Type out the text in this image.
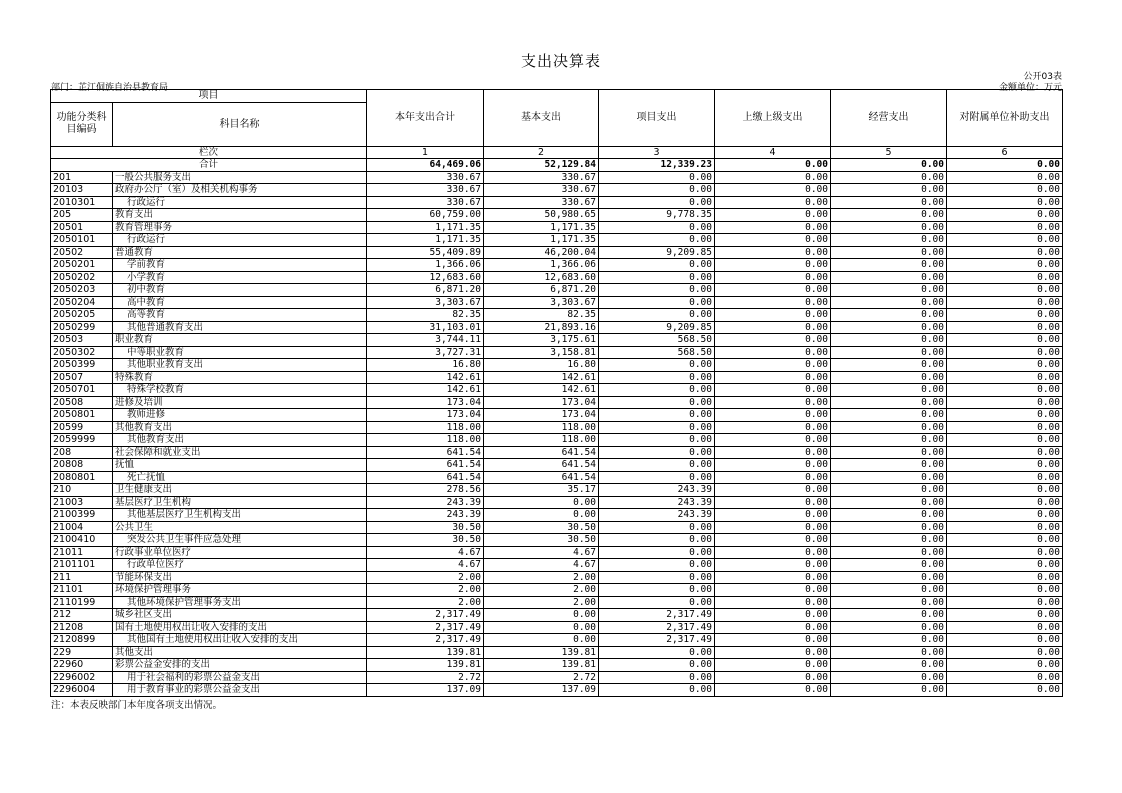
支出决算表
公开03表
部门：芷江侗族自治县教育局	金额单位：万元
项目		本年支出合计	基本支出	项目支出	上缴上级支出	经营支出	对附属单位补助支出
功能分类科目编码	科目名称						
栏次		1	2	3	4	5	6
合计		64,469.06	52,129.84	12,339.23	0.00	0.00	0.00
201	一般公共服务支出	330.67	330.67	0.00	0.00	0.00	0.00
20103	政府办公厅（室）及相关机构事务	330.67	330.67	0.00	0.00	0.00	0.00
2010301	行政运行	330.67	330.67	0.00	0.00	0.00	0.00
205	教育支出	60,759.00	50,980.65	9,778.35	0.00	0.00	0.00
20501	教育管理事务	1,171.35	1,171.35	0.00	0.00	0.00	0.00
2050101	行政运行	1,171.35	1,171.35	0.00	0.00	0.00	0.00
20502	普通教育	55,409.89	46,200.04	9,209.85	0.00	0.00	0.00
2050201	学前教育	1,366.06	1,366.06	0.00	0.00	0.00	0.00
2050202	小学教育	12,683.60	12,683.60	0.00	0.00	0.00	0.00
2050203	初中教育	6,871.20	6,871.20	0.00	0.00	0.00	0.00
2050204	高中教育	3,303.67	3,303.67	0.00	0.00	0.00	0.00
2050205	高等教育	82.35	82.35	0.00	0.00	0.00	0.00
2050299	其他普通教育支出	31,103.01	21,893.16	9,209.85	0.00	0.00	0.00
20503	职业教育	3,744.11	3,175.61	568.50	0.00	0.00	0.00
2050302	中等职业教育	3,727.31	3,158.81	568.50	0.00	0.00	0.00
2050399	其他职业教育支出	16.80	16.80	0.00	0.00	0.00	0.00
20507	特殊教育	142.61	142.61	0.00	0.00	0.00	0.00
2050701	特殊学校教育	142.61	142.61	0.00	0.00	0.00	0.00
20508	进修及培训	173.04	173.04	0.00	0.00	0.00	0.00
2050801	教师进修	173.04	173.04	0.00	0.00	0.00	0.00
20599	其他教育支出	118.00	118.00	0.00	0.00	0.00	0.00
2059999	其他教育支出	118.00	118.00	0.00	0.00	0.00	0.00
208	社会保障和就业支出	641.54	641.54	0.00	0.00	0.00	0.00
20808	抚恤	641.54	641.54	0.00	0.00	0.00	0.00
2080801	死亡抚恤	641.54	641.54	0.00	0.00	0.00	0.00
210	卫生健康支出	278.56	35.17	243.39	0.00	0.00	0.00
21003	基层医疗卫生机构	243.39	0.00	243.39	0.00	0.00	0.00
2100399	其他基层医疗卫生机构支出	243.39	0.00	243.39	0.00	0.00	0.00
21004	公共卫生	30.50	30.50	0.00	0.00	0.00	0.00
2100410	突发公共卫生事件应急处理	30.50	30.50	0.00	0.00	0.00	0.00
21011	行政事业单位医疗	4.67	4.67	0.00	0.00	0.00	0.00
2101101	行政单位医疗	4.67	4.67	0.00	0.00	0.00	0.00
211	节能环保支出	2.00	2.00	0.00	0.00	0.00	0.00
21101	环境保护管理事务	2.00	2.00	0.00	0.00	0.00	0.00
2110199	其他环境保护管理事务支出	2.00	2.00	0.00	0.00	0.00	0.00
212	城乡社区支出	2,317.49	0.00	2,317.49	0.00	0.00	0.00
21208	国有土地使用权出让收入安排的支出	2,317.49	0.00	2,317.49	0.00	0.00	0.00
2120899	其他国有土地使用权出让收入安排的支出	2,317.49	0.00	2,317.49	0.00	0.00	0.00
229	其他支出	139.81	139.81	0.00	0.00	0.00	0.00
22960	彩票公益金安排的支出	139.81	139.81	0.00	0.00	0.00	0.00
2296002	用于社会福利的彩票公益金支出	2.72	2.72	0.00	0.00	0.00	0.00
2296004	用于教育事业的彩票公益金支出	137.09	137.09	0.00	0.00	0.00	0.00
注：本表反映部门本年度各项支出情况。
